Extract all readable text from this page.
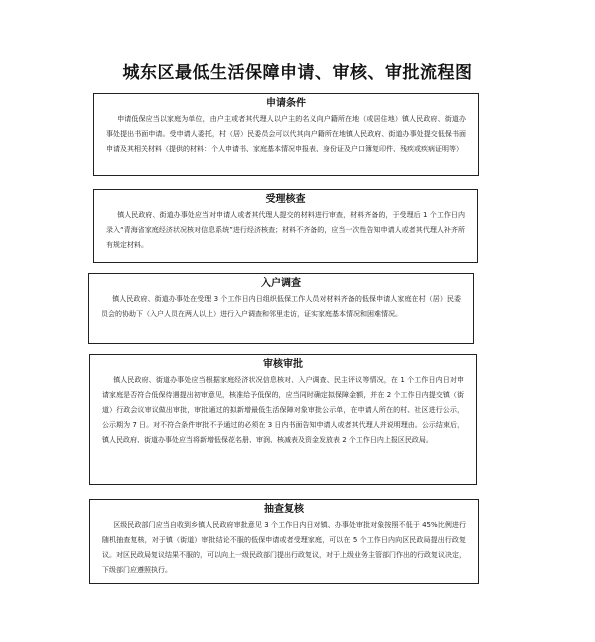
城东区最低生活保障申请、审核、审批流程图
申请条件
申请低保应当以家庭为单位，由户主或者其代理人以户主的名义向户籍所在地（或居住地）镇人民政府、街道办事处提出书面申请。受申请人委托，村（居）民委员会可以代其向户籍所在地镇人民政府、街道办事处提交低保书面申请及其相关材料（提供的材料：个人申请书、家庭基本情况申报表、身份证及户口簿复印件、残疾或疾病证明等）
受理核查
镇人民政府、街道办事处应当对申请人或者其代理人提交的材料进行审查，材料齐备的，于受理后 1 个工作日内录入“青海省家庭经济状况核对信息系统”进行经济核查；材料不齐备的，应当一次性告知申请人或者其代理人补齐所有规定材料。
入户调查
镇人民政府、街道办事处在受理 3 个工作日内日组织低保工作人员对材料齐备的低保申请人家庭在村（居）民委员会的协助下（入户人员在两人以上）进行入户调查和邻里走访，证实家庭基本情况和困难情况。
审核审批
镇人民政府、街道办事处应当根据家庭经济状况信息核对、入户调查、民主评议等情况，在 1 个工作日内日对申请家庭是否符合低保待遇提出初审意见，核准给予低保的，应当同时确定拟保障金额，并在 2 个工作日内提交镇（街道）行政会议审议做出审批，审批通过的拟新增最低生活保障对象审批公示单，在申请人所在的村、社区进行公示，公示期为 7 日。对不符合条件审批不予通过的必须在 3 日内书面告知申请人或者其代理人并说明理由。公示结束后，镇人民政府、街道办事处应当将新增低保花名册、审润、核减表及资金发放表 2 个工作日内上报区民政局。
抽查复核
区级民政部门应当自收到乡镇人民政府审批意见 3 个工作日内日对镇、办事处审批对象按照不低于 45%比例进行随机抽查复核，对于镇（街道）审批结论不服的低保申请或者受理家庭，可以在 5 个工作日内向区民政局提出行政复议。对区民政局复议结果不服的，可以向上一级民政部门提出行政复议，对于上级业务主管部门作出的行政复议决定，下级部门应遵照执行。
